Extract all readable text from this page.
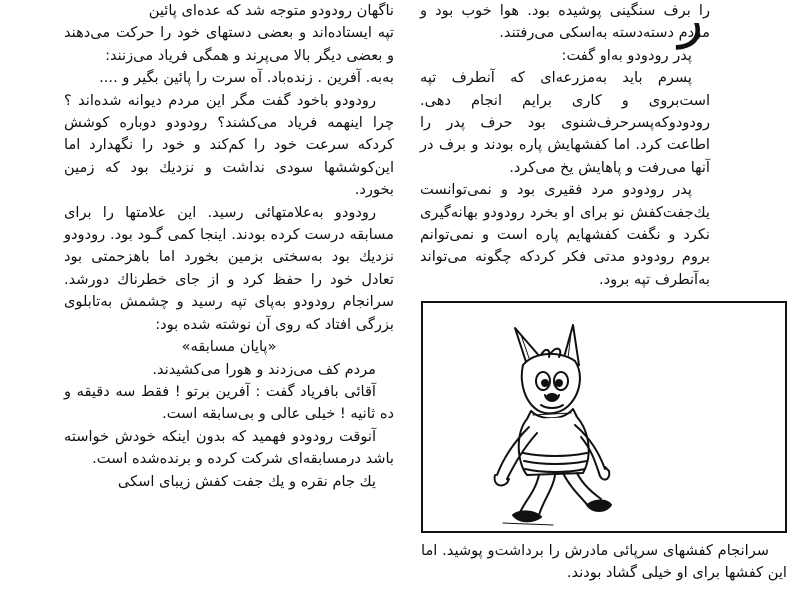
ناگهان رودودو متوجه شد که عده‌ای پائین

تپه ایستاده‌اند و بعضی دستهای خود را حرکت می‌دهند و بعضی دیگر بالا می‌پرند و همگی فریاد می‌زنند:

به‌به. آفرین . زنده‌باد. آه سرت را پائین بگیر و ....

رودودو باخود گفت مگر این مردم دیوانه شده‌اند ؟ چرا اینهمه فریاد می‌کشند؟ رودودو دوباره کوشش کردکه سرعت خود را کم‌کند و خود را نگهدارد اما این‌کوششها سودی نداشت و نزدیك بود که زمین بخورد.

رودودو به‌علامتهائی رسید. این علامتها را برای مسابقه درست کرده بودند. اینجا کمی گـود بود. رودودو نزدیك بود به‌سختی بزمین بخورد اما باهزحمتی بود تعادل خود را حفظ کرد و از جای خطرناك دورشد. سرانجام رودودو به‌پای تپه رسید و چشمش به‌تابلوی بزرگی افتاد که روی آن نوشته شده بود:

«پایان مسابقه»

مردم کف می‌زدند و هورا می‌کشیدند.

آقائی بافریاد گفت : آفرین برتو ! فقط سه دقیقه و ده ثانیه ! خیلی عالی و بی‌سابقه است.

آنوقت رودودو فهمید که بدون اینکه خودش خواسته باشد درمسابقه‌ای شرکت کرده و برنده‌شده است.

یك جام نقره و یك جفت کفش زیبای اسکی

ر

را برف سنگینی پوشیده بود. هوا خوب بود و مردم دسته‌دسته به‌اسکی می‌رفتند.

پدر رودودو به‌او گفت:

پسرم باید به‌مزرعه‌ای که آنطرف تپه است‌بروی و کاری برایم انجام دهی. رودودوکه‌پسرحرف‌شنوی بود حرف پدر را اطاعت کرد. اما کفشهایش پاره بودند و برف در آنها می‌رفت و پاهایش یخ می‌کرد.

پدر رودودو مرد فقیری بود و نمی‌توانست یك‌جفت‌کفش نو برای او بخرد رودودو بهانه‌گیری نکرد و نگفت کفشهایم پاره است و نمی‌توانم بروم رودودو مدتی فکر کردکه چگونه می‌تواند به‌آنطرف تپه برود.

سرانجام کفشهای سرپائی مادرش را برداشت‌و پوشید. اما این کفشها برای او خیلی گشاد بودند.
